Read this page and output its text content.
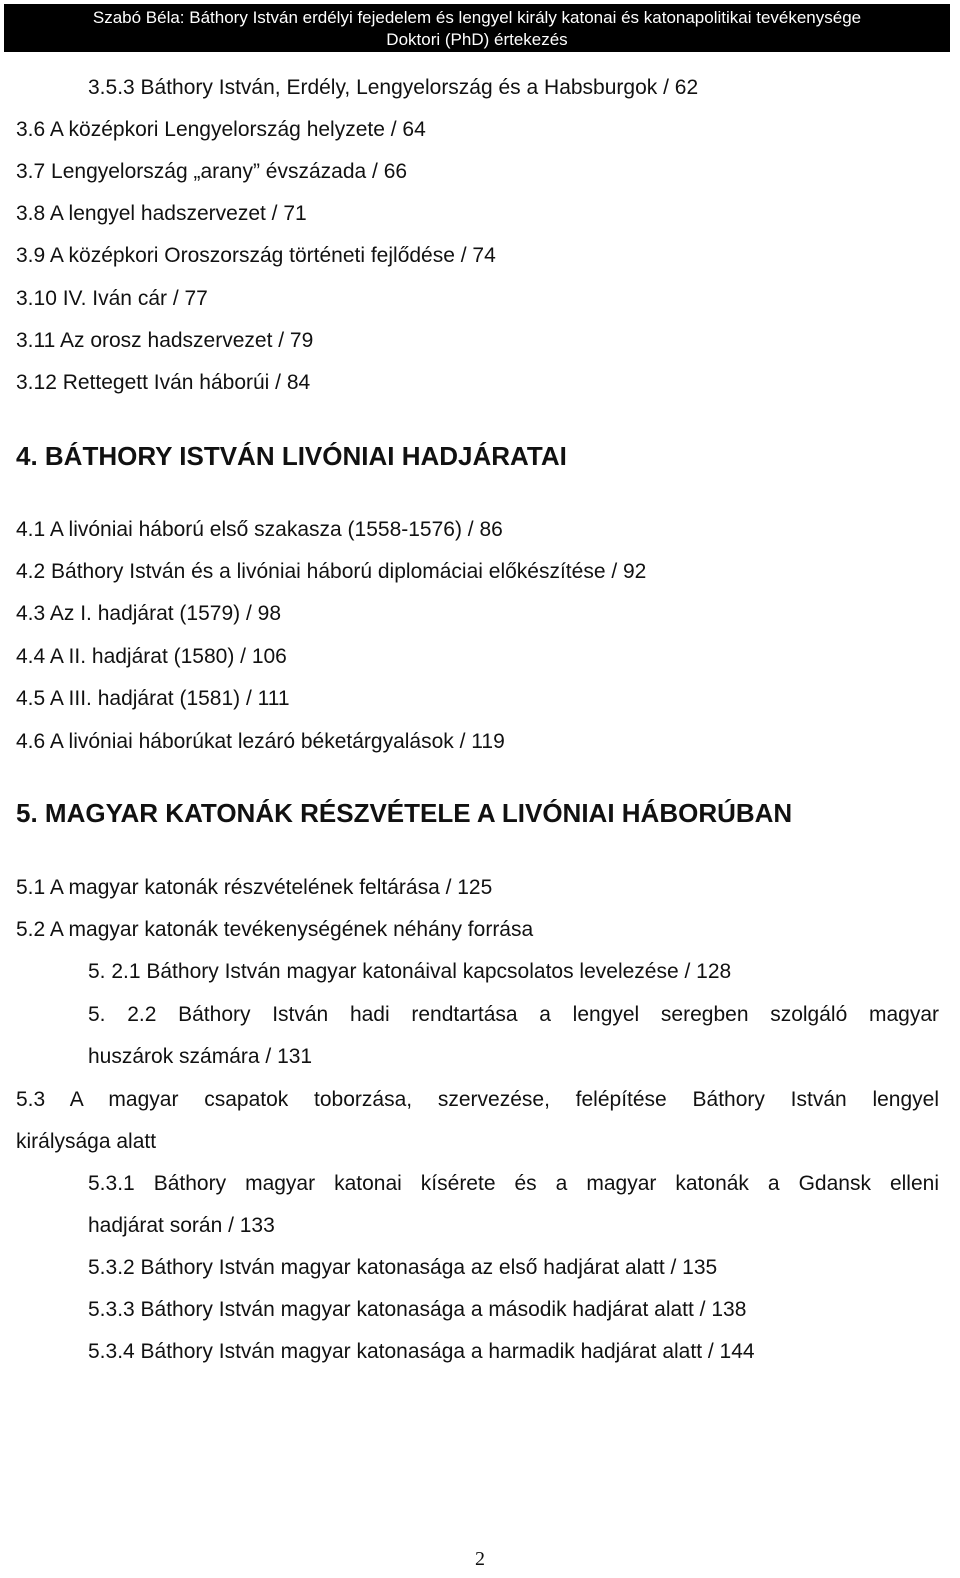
Szabó Béla: Báthory István erdélyi fejedelem és lengyel király katonai és katonapolitikai tevékenysége
Doktori (PhD) értekezés
3.5.3 Báthory István, Erdély, Lengyelország és a Habsburgok / 62
3.6 A középkori Lengyelország helyzete / 64
3.7 Lengyelország „arany” évszázada / 66
3.8 A lengyel hadszervezet / 71
3.9 A középkori Oroszország történeti fejlődése / 74
3.10 IV. Iván cár / 77
3.11 Az orosz hadszervezet / 79
3.12 Rettegett Iván háborúi / 84
4. BÁTHORY ISTVÁN LIVÓNIAI HADJÁRATAI
4.1 A livóniai háború első szakasza (1558-1576) / 86
4.2 Báthory István és a livóniai háború diplomáciai előkészítése / 92
4.3 Az I. hadjárat (1579) / 98
4.4 A II. hadjárat (1580) / 106
4.5 A III. hadjárat (1581) / 111
4.6 A livóniai háborúkat lezáró béketárgyalások / 119
5. MAGYAR KATONÁK RÉSZVÉTELE A LIVÓNIAI HÁBORÚBAN
5.1 A magyar katonák részvételének feltárása / 125
5.2 A magyar katonák tevékenységének néhány forrása
5. 2.1 Báthory István magyar katonáival kapcsolatos levelezése / 128
5. 2.2 Báthory István hadi rendtartása a lengyel seregben szolgáló magyar
huszárok számára / 131
5.3 A magyar csapatok toborzása, szervezése, felépítése Báthory István lengyel
királysága alatt
5.3.1 Báthory magyar katonai kísérete és a magyar katonák a Gdansk elleni
hadjárat során / 133
5.3.2 Báthory István magyar katonasága az első hadjárat alatt / 135
5.3.3 Báthory István magyar katonasága a második hadjárat alatt / 138
5.3.4 Báthory István magyar katonasága a harmadik hadjárat alatt / 144
2
